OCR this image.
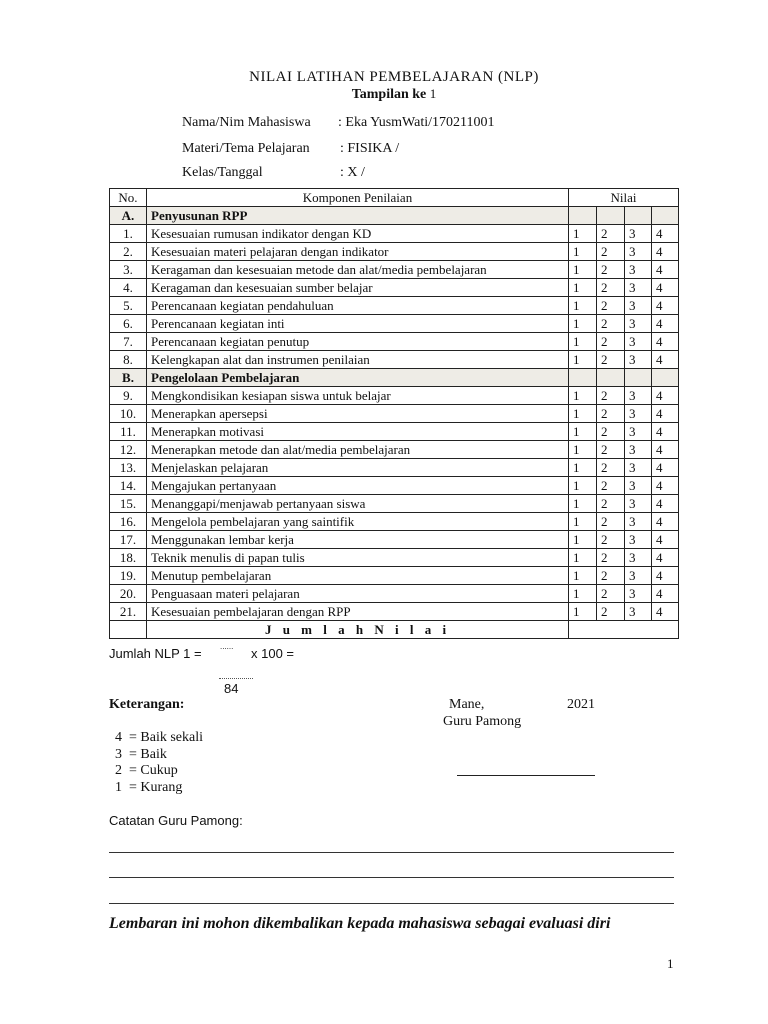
NILAI LATIHAN PEMBELAJARAN (NLP)
Tampilan ke 1
Nama/Nim Mahasiswa : Eka YusmWati/170211001
Materi/Tema Pelajaran : FISIKA /
Kelas/Tanggal	: X /
No.	Komponen Penilaian	Nilai			
A.	Penyusunan RPP				
1.	Kesesuaian rumusan indikator dengan KD	1	2	3	4
2.	Kesesuaian materi pelajaran dengan indikator	1	2	3	4
3.	Keragaman dan kesesuaian metode dan alat/media pembelajaran	1	2	3	4
4.	Keragaman dan kesesuaian sumber belajar	1	2	3	4
5.	Perencanaan kegiatan pendahuluan	1	2	3	4
6.	Perencanaan kegiatan inti	1	2	3	4
7.	Perencanaan kegiatan penutup	1	2	3	4
8.	Kelengkapan alat dan instrumen penilaian	1	2	3	4
B.	Pengelolaan Pembelajaran				
9.	Mengkondisikan kesiapan siswa untuk belajar	1	2	3	4
10.	Menerapkan apersepsi	1	2	3	4
11.	Menerapkan motivasi	1	2	3	4
12.	Menerapkan metode dan alat/media pembelajaran	1	2	3	4
13.	Menjelaskan pelajaran	1	2	3	4
14.	Mengajukan pertanyaan	1	2	3	4
15.	Menanggapi/menjawab pertanyaan siswa	1	2	3	4
16.	Mengelola pembelajaran yang saintifik	1	2	3	4
17.	Menggunakan lembar kerja	1	2	3	4
18.	Teknik menulis di papan tulis	1	2	3	4
19.	Menutup pembelajaran	1	2	3	4
20.	Penguasaan materi pelajaran	1	2	3	4
21.	Kesesuaian pembelajaran dengan RPP	1	2	3	4
	J u m l a h N i l a i				
Jumlah NLP 1 = ...... x 100 =
84
Keterangan:	Mane,	2021
Guru Pamong
4 = Baik sekali
3 = Baik
2 = Cukup
1 = Kurang
Catatan Guru Pamong:
Lembaran ini mohon dikembalikan kepada mahasiswa sebagai evaluasi diri
1
